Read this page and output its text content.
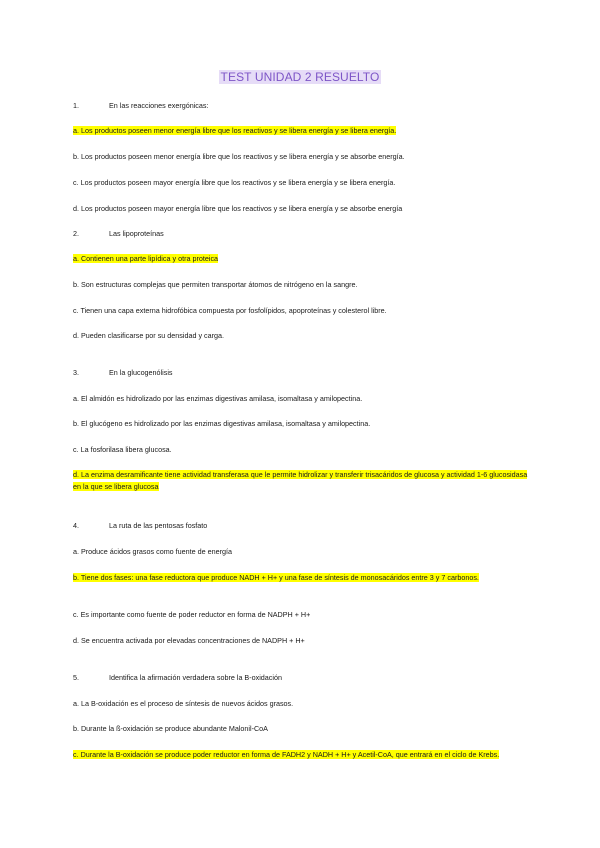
TEST UNIDAD 2 RESUELTO
1.	En las reacciones exergónicas:
a. Los productos poseen menor energía libre que los reactivos y se libera energía y se libera energía.
b. Los productos poseen menor energía libre que los reactivos y se libera energía y se absorbe energía.
c. Los productos poseen mayor energía libre que los reactivos y se libera energía y se libera energía.
d. Los productos poseen mayor energía libre que los reactivos y se libera energía y se absorbe energía
2.	Las lipoproteínas
a. Contienen una parte lipídica y otra proteica
b. Son estructuras complejas que permiten transportar átomos de nitrógeno en la sangre.
c. Tienen una capa externa hidrofóbica compuesta por fosfolípidos, apoproteínas y colesterol libre.
d. Pueden clasificarse por su densidad y carga.
3.	En la glucogenólisis
a. El almidón es hidrolizado por las enzimas digestivas amilasa, isomaltasa y amilopectina.
b. El glucógeno es hidrolizado por las enzimas digestivas amilasa, isomaltasa y amilopectina.
c. La fosforilasa libera glucosa.
d. La enzima desramificante tiene actividad transferasa que le permite hidrolizar y transferir trisacáridos de glucosa y actividad 1-6 glucosidasa en la que se libera glucosa
4.	La ruta de las pentosas fosfato
a. Produce ácidos grasos como fuente de energía
b. Tiene dos fases: una fase reductora que produce NADH + H+ y una fase de síntesis de monosacáridos entre 3 y 7 carbonos.
c. Es importante como fuente de poder reductor en forma de NADPH + H+
d. Se encuentra activada por elevadas concentraciones de NADPH + H+
5.	Identifica la afirmación verdadera sobre la B-oxidación
a. La B-oxidación es el proceso de síntesis de nuevos ácidos grasos.
b. Durante la ß-oxidación se produce abundante Malonil-CoA
c. Durante la B-oxidación se produce poder reductor en forma de FADH2 y NADH + H+ y Acetil-CoA, que entrará en el ciclo de Krebs.
